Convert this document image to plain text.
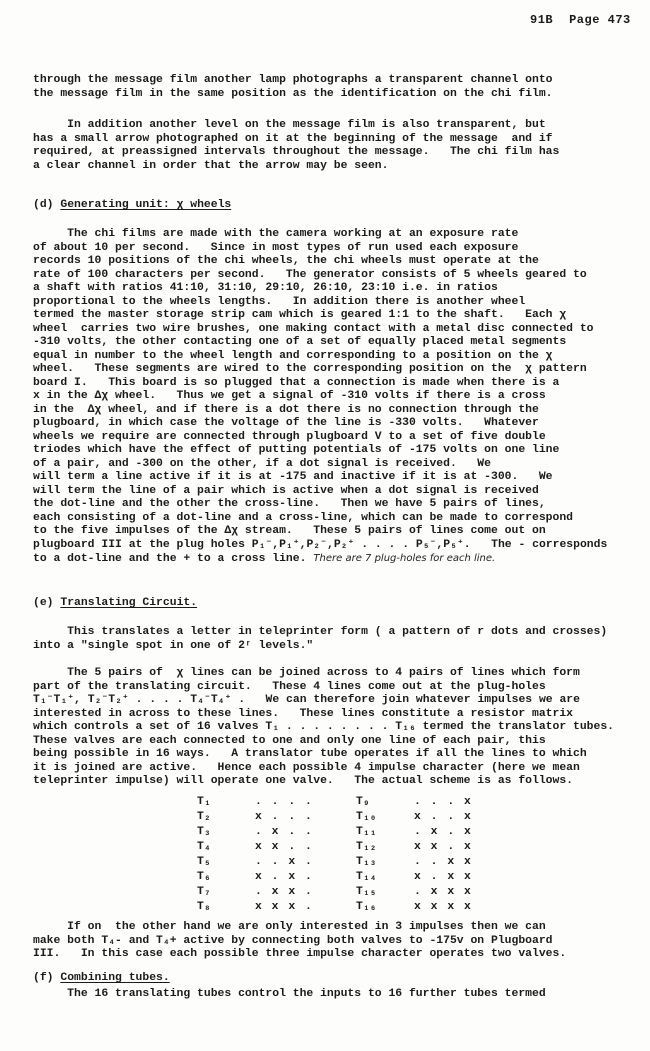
91B Page 473
through the message film another lamp photographs a transparent channel onto
the message film in the same position as the identification on the chi film.
In addition another level on the message film is also transparent, but
has a small arrow photographed on it at the beginning of the message  and if
required, at preassigned intervals throughout the message.   The chi film has
a clear channel in order that the arrow may be seen.
(d) Generating unit: χ wheels
The chi films are made with the camera working at an exposure rate
of about 10 per second.   Since in most types of run used each exposure
records 10 positions of the chi wheels, the chi wheels must operate at the
rate of 100 characters per second.   The generator consists of 5 wheels geared to
a shaft with ratios 41:10, 31:10, 29:10, 26:10, 23:10 i.e. in ratios
proportional to the wheels lengths.   In addition there is another wheel
termed the master storage strip cam which is geared 1:1 to the shaft.   Each χ
wheel  carries two wire brushes, one making contact with a metal disc connected to
-310 volts, the other contacting one of a set of equally placed metal segments
equal in number to the wheel length and corresponding to a position on the χ
wheel.   These segments are wired to the corresponding position on the  χ pattern
board I.   This board is so plugged that a connection is made when there is a
x in the Δχ wheel.   Thus we get a signal of -310 volts if there is a cross
in the  Δχ wheel, and if there is a dot there is no connection through the
plugboard, in which case the voltage of the line is -330 volts.   Whatever
wheels we require are connected through plugboard V to a set of five double
triodes which have the effect of putting potentials of -175 volts on one line
of a pair, and -300 on the other, if a dot signal is received.   We
will term a line active if it is at -175 and inactive if it is at -300.   We
will term the line of a pair which is active when a dot signal is received
the dot-line and the other the cross-line.   Then we have 5 pairs of lines,
each consisting of a dot-line and a cross-line, which can be made to correspond
to the five impulses of the Δχ stream.   These 5 pairs of lines come out on
plugboard III at the plug holes P₁⁻,P₁⁺,P₂⁻,P₂⁺ . . . . P₅⁻,P₅⁺.   The - corresponds
to a dot-line and the + to a cross line. There are 7 plug-holes for each line.
(e) Translating Circuit.
This translates a letter in teleprinter form ( a pattern of r dots and crosses)
into a "single spot in one of 2ʳ levels."
The 5 pairs of  χ lines can be joined across to 4 pairs of lines which form
part of the translating circuit.   These 4 lines come out at the plug-holes
T₁⁻T₁⁺, T₂⁻T₂⁺ . . . . T₄⁻T₄⁺ .   We can therefore join whatever impulses we are
interested in across to these lines.   These lines constitute a resistor matrix
which controls a set of 16 valves T₁ . . . . . . . . T₁₆ termed the translator tubes.
These valves are each connected to one and only one line of each pair, this
being possible in 16 ways.   A translator tube operates if all the lines to which
it is joined are active.   Hence each possible 4 impulse character (here we mean
teleprinter impulse) will operate one valve.   The actual scheme is as follows.
T₁	. . . .
T₂	x . . .
T₃	. x . .
T₄	x x . .
T₅	. . x .
T₆	x . x .
T₇	. x x .
T₈	x x x .
T₉	. . . x
T₁₀	x . . x
T₁₁	. x . x
T₁₂	x x . x
T₁₃	. . x x
T₁₄	x . x x
T₁₅	. x x x
T₁₆	x x x x
If on  the other hand we are only interested in 3 impulses then we can
make both T₄- and T₄+ active by connecting both valves to -175v on Plugboard
III.   In this case each possible three impulse character operates two valves.
(f) Combining tubes.
The 16 translating tubes control the inputs to 16 further tubes termed
